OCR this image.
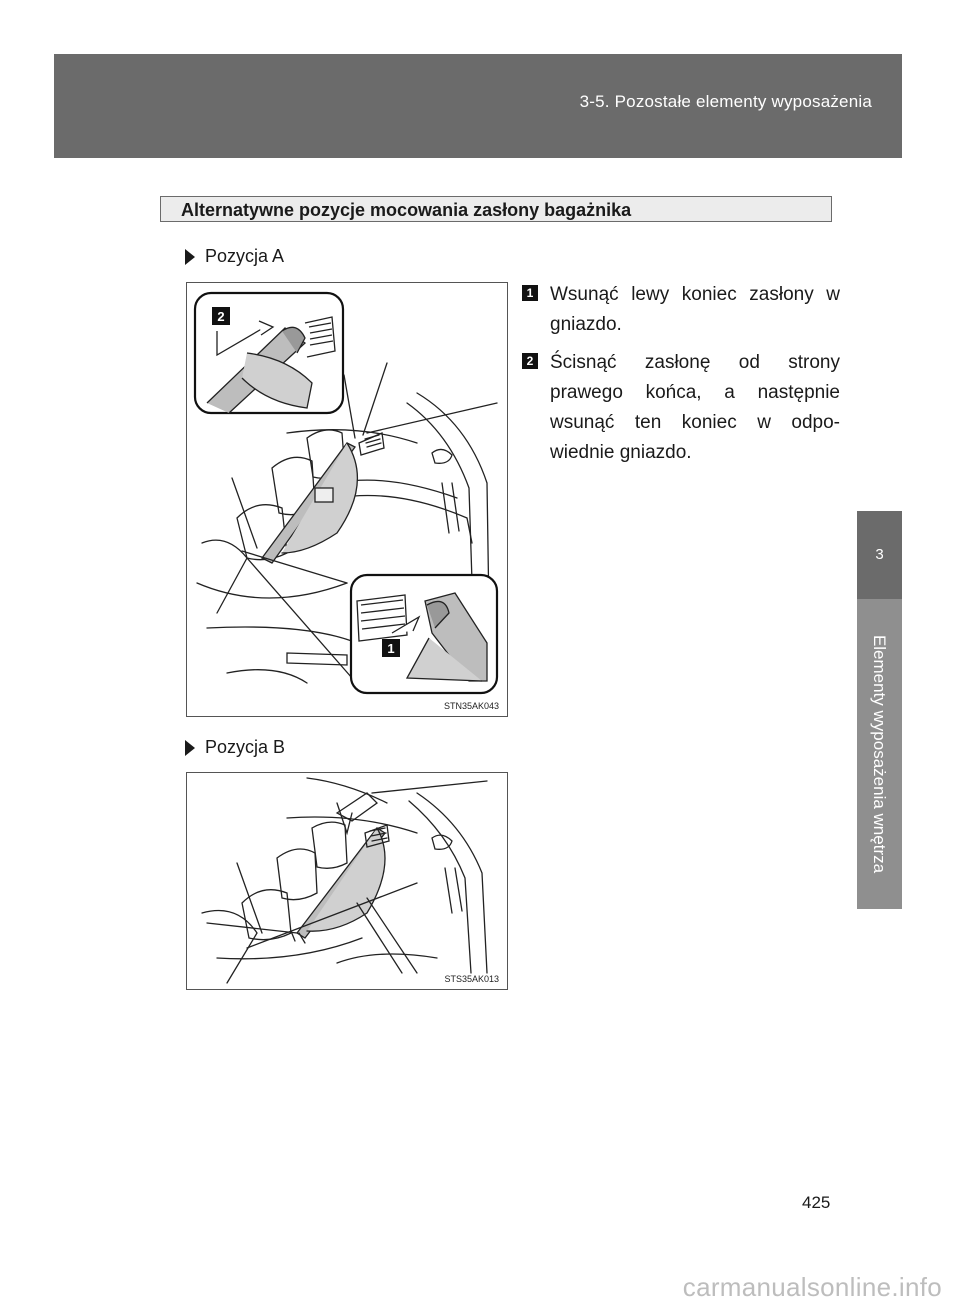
3-5. Pozostałe elementy wyposażenia
3
Elementy wyposażenia wnętrza
Alternatywne pozycje mocowania zasłony bagażnika
Pozycja A
2
1
STN35AK043
1 Wsunąć lewy koniec zasłony w gniazdo.
2 Ścisnąć zasłonę od strony prawego końca, a następnie wsunąć ten koniec w odpo-wiednie gniazdo.
Pozycja B
STS35AK013
425
carmanualsonline.info
